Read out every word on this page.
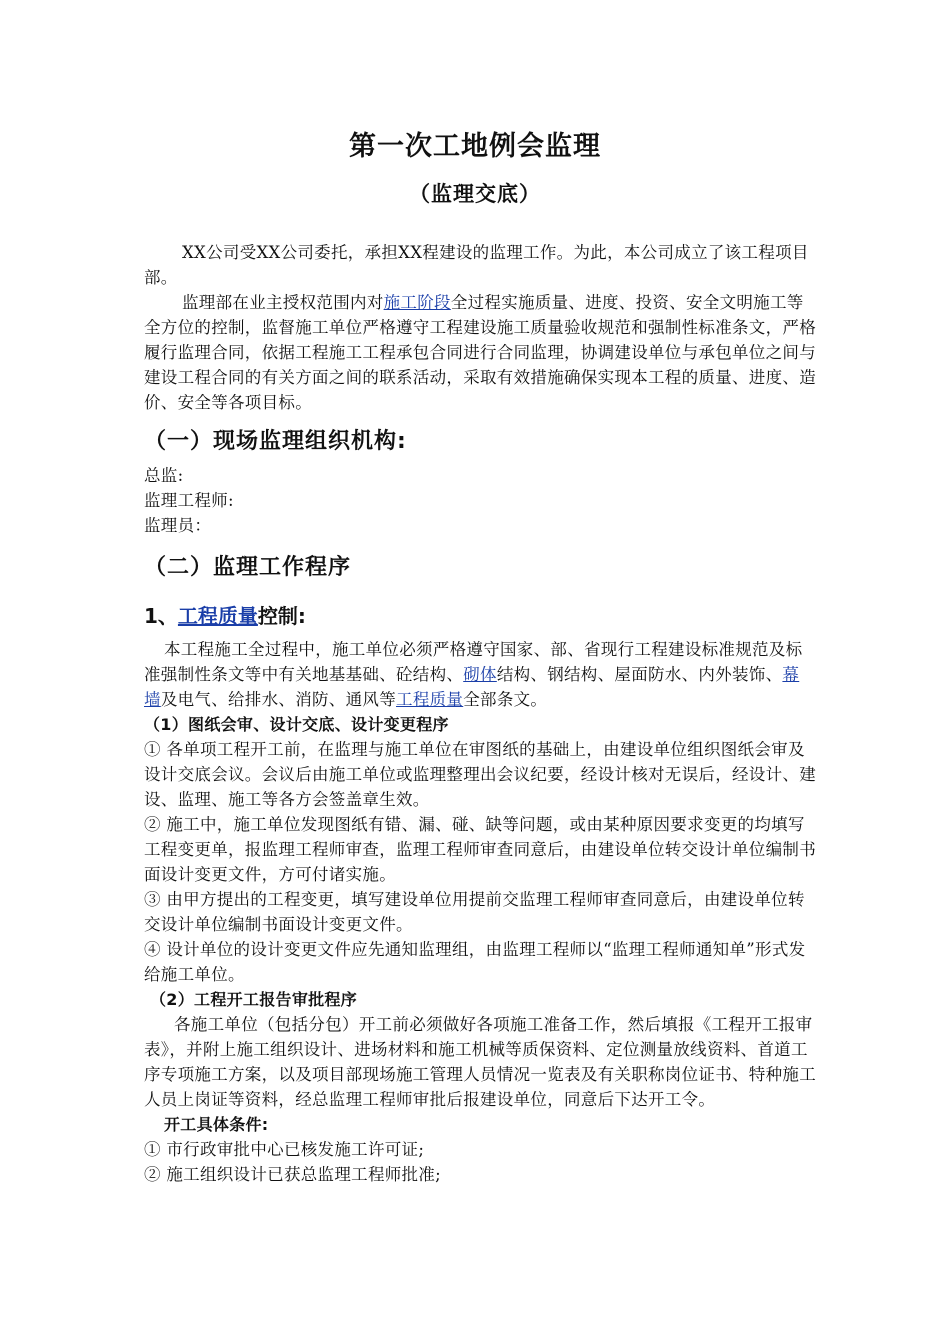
第一次工地例会监理
（监理交底）

XX公司受XX公司委托，承担XX程建设的监理工作。为此，本公司成立了该工程项目部。

监理部在业主授权范围内对施工阶段全过程实施质量、进度、投资、安全文明施工等全方位的控制，监督施工单位严格遵守工程建设施工质量验收规范和强制性标准条文，严格履行监理合同，依据工程施工工程承包合同进行合同监理，协调建设单位与承包单位之间与建设工程合同的有关方面之间的联系活动，采取有效措施确保实现本工程的质量、进度、造价、安全等各项目标。

（一）现场监理组织机构:

总监:

监理工程师:

监理员：

（二）监理工作程序
1、工程质量控制:

本工程施工全过程中，施工单位必须严格遵守国家、部、省现行工程建设标准规范及标准强制性条文等中有关地基基础、砼结构、砌体结构、钢结构、屋面防水、内外装饰、幕墙及电气、给排水、消防、通风等工程质量全部条文。

（1）图纸会审、设计交底、设计变更程序

① 各单项工程开工前，在监理与施工单位在审图纸的基础上，由建设单位组织图纸会审及设计交底会议。会议后由施工单位或监理整理出会议纪要，经设计核对无误后，经设计、建设、监理、施工等各方会签盖章生效。

② 施工中，施工单位发现图纸有错、漏、碰、缺等问题，或由某种原因要求变更的均填写工程变更单，报监理工程师审查，监理工程师审查同意后，由建设单位转交设计单位编制书面设计变更文件，方可付诸实施。

③ 由甲方提出的工程变更，填写建设单位用提前交监理工程师审查同意后，由建设单位转交设计单位编制书面设计变更文件。

④ 设计单位的设计变更文件应先通知监理组，由监理工程师以“监理工程师通知单”形式发给施工单位。

（2）工程开工报告审批程序

各施工单位（包括分包）开工前必须做好各项施工准备工作，然后填报《工程开工报审表》，并附上施工组织设计、进场材料和施工机械等质保资料、定位测量放线资料、首道工序专项施工方案，以及项目部现场施工管理人员情况一览表及有关职称岗位证书、特种施工人员上岗证等资料，经总监理工程师审批后报建设单位，同意后下达开工令。

开工具体条件:

① 市行政审批中心已核发施工许可证;

② 施工组织设计已获总监理工程师批准;
